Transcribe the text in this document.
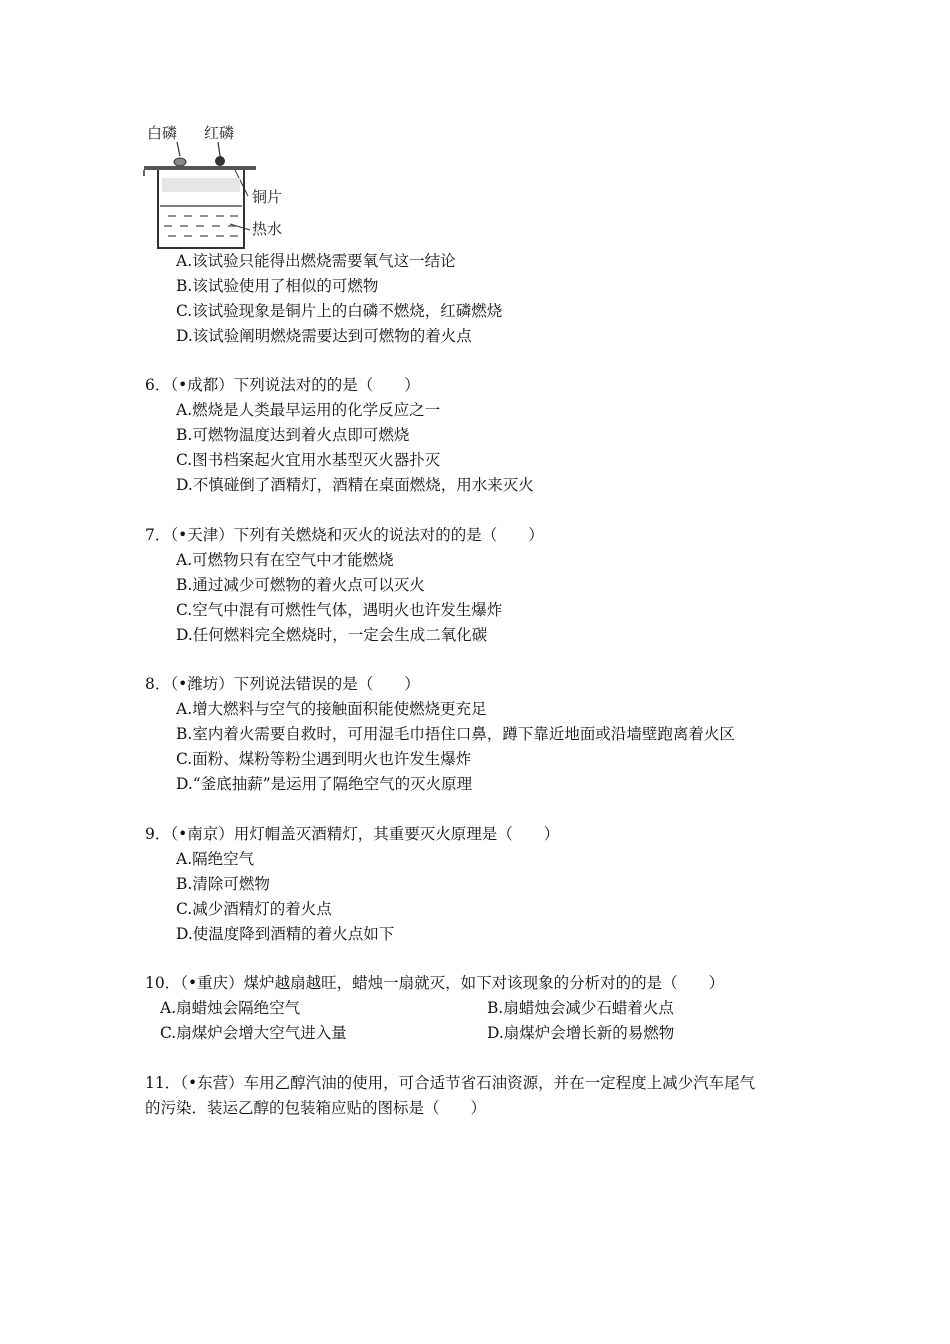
白磷 红磷
铜片
热水
A.该试验只能得出燃烧需要氧气这一结论
B.该试验使用了相似的可燃物
C.该试验现象是铜片上的白磷不燃烧，红磷燃烧
D.该试验阐明燃烧需要达到可燃物的着火点
6．（•成都）下列说法对的的是（　　）
A.燃烧是人类最早运用的化学反应之一
B.可燃物温度达到着火点即可燃烧
C.图书档案起火宜用水基型灭火器扑灭
D.不慎碰倒了酒精灯，酒精在桌面燃烧，用水来灭火
7．（•天津）下列有关燃烧和灭火的说法对的的是（　　）
A.可燃物只有在空气中才能燃烧
B.通过减少可燃物的着火点可以灭火
C.空气中混有可燃性气体，遇明火也许发生爆炸
D.任何燃料完全燃烧时，一定会生成二氧化碳
8．（•潍坊）下列说法错误的是（　　）
A.增大燃料与空气的接触面积能使燃烧更充足
B.室内着火需要自救时，可用湿毛巾捂住口鼻，蹲下靠近地面或沿墙壁跑离着火区
C.面粉、煤粉等粉尘遇到明火也许发生爆炸
D.“釜底抽薪”是运用了隔绝空气的灭火原理
9．（•南京）用灯帽盖灭酒精灯，其重要灭火原理是（　　）
A.隔绝空气
B.清除可燃物
C.减少酒精灯的着火点
D.使温度降到酒精的着火点如下
10．（•重庆）煤炉越扇越旺，蜡烛一扇就灭，如下对该现象的分析对的的是（　　）
A.扇蜡烛会隔绝空气	B.扇蜡烛会减少石蜡着火点
C.扇煤炉会增大空气进入量	D.扇煤炉会增长新的易燃物
11．（•东营）车用乙醇汽油的使用，可合适节省石油资源，并在一定程度上减少汽车尾气
的污染．装运乙醇的包装箱应贴的图标是（　　）
